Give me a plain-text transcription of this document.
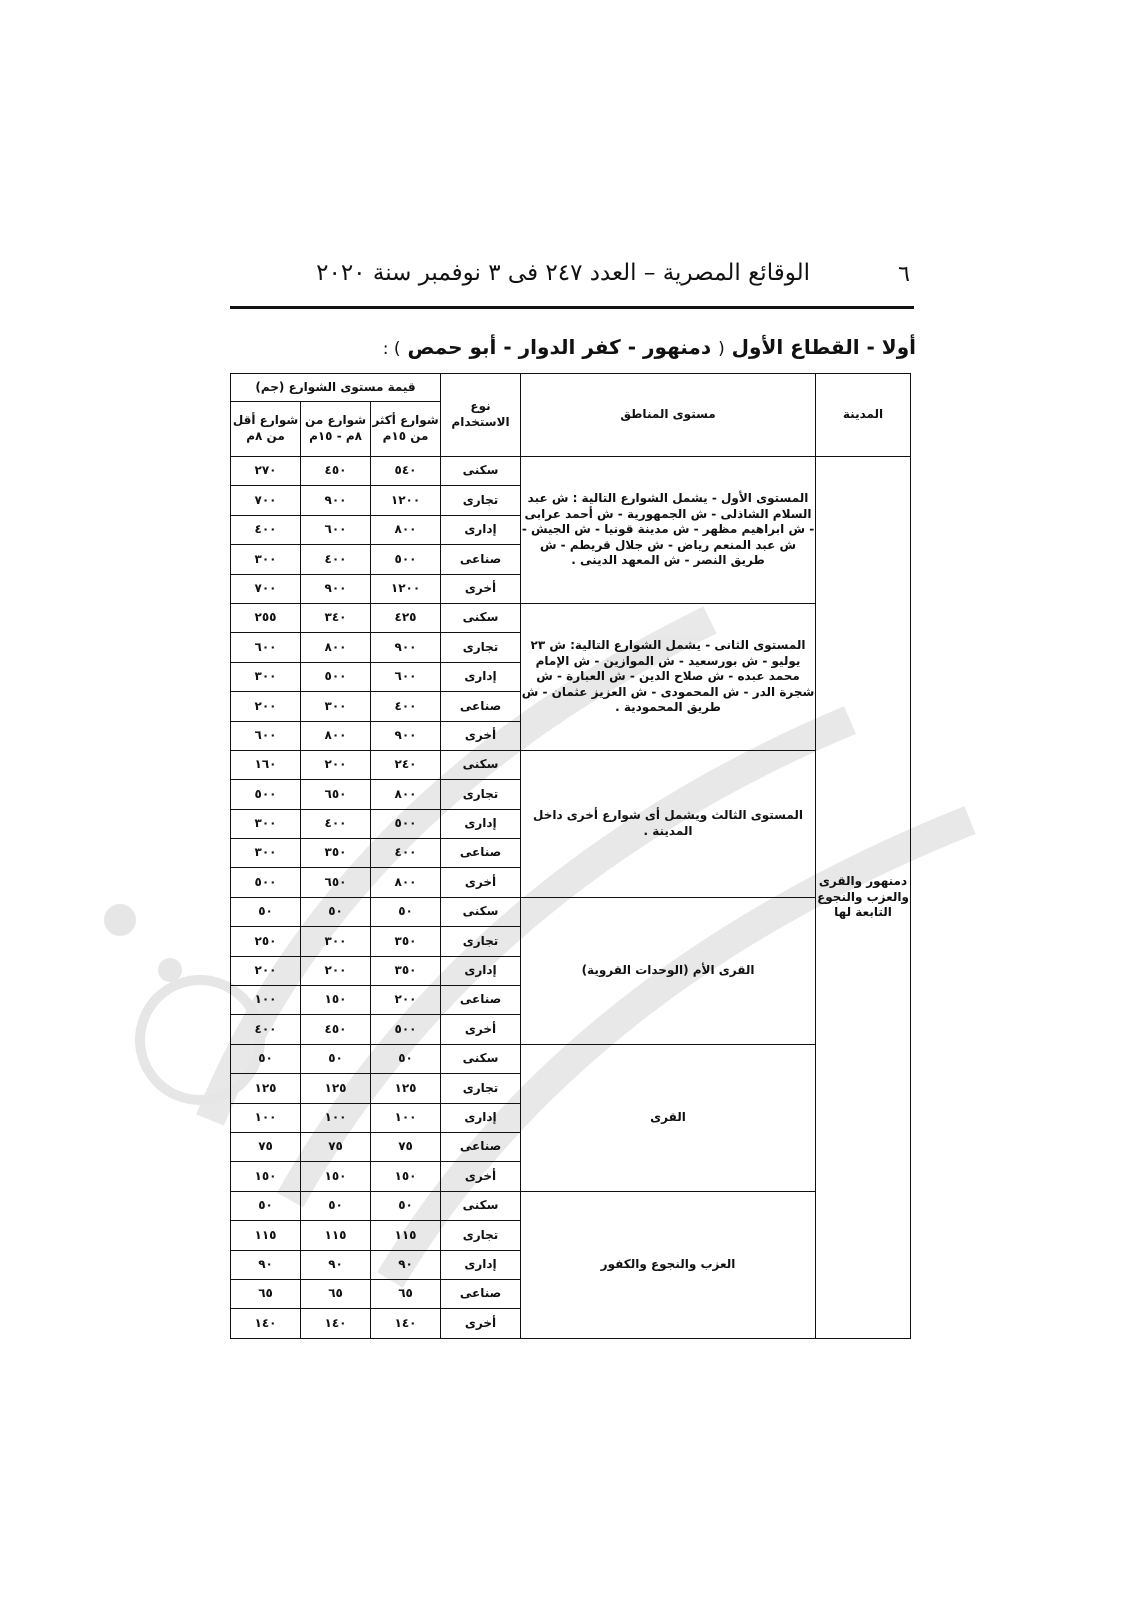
٦
الوقائع المصرية – العدد ٢٤٧ فى ٣ نوفمبر سنة ٢٠٢٠
أولا - القطاع الأول ( دمنهور - كفر الدوار - أبو حمص ) :
المدينة	مستوى المناطق	نوع الاستخدام	قيمة مستوى الشوارع (جم)		
			شوارع أكثر من ١٥م	شوارع من ٨م - ١٥م	شوارع أقل من ٨م
دمنهور والقرى والعزب والنجوع التابعة لها	المستوى الأول - يشمل الشوارع التالية : ش عبد السلام الشاذلى - ش الجمهورية - ش أحمد عرابى - ش ابراهيم مظهر - ش مدينة قونيا - ش الجيش - ش عبد المنعم رياض - ش جلال قريطم - ش طريق النصر - ش المعهد الدينى .	سكنى	٥٤٠	٤٥٠	٢٧٠
		تجارى	١٢٠٠	٩٠٠	٧٠٠
		إدارى	٨٠٠	٦٠٠	٤٠٠
		صناعى	٥٠٠	٤٠٠	٣٠٠
		أخرى	١٢٠٠	٩٠٠	٧٠٠
	المستوى الثانى - يشمل الشوارع التالية: ش ٢٣ يوليو - ش بورسعيد - ش الموازين - ش الإمام محمد عبده - ش صلاح الدين - ش العبارة - ش شجرة الدر - ش المحمودى - ش العزيز عثمان - ش طريق المحمودية .	سكنى	٤٢٥	٣٤٠	٢٥٥
		تجارى	٩٠٠	٨٠٠	٦٠٠
		إدارى	٦٠٠	٥٠٠	٣٠٠
		صناعى	٤٠٠	٣٠٠	٢٠٠
		أخرى	٩٠٠	٨٠٠	٦٠٠
	المستوى الثالث ويشمل أى شوارع أخرى داخل المدينة .	سكنى	٢٤٠	٢٠٠	١٦٠
		تجارى	٨٠٠	٦٥٠	٥٠٠
		إدارى	٥٠٠	٤٠٠	٣٠٠
		صناعى	٤٠٠	٣٥٠	٣٠٠
		أخرى	٨٠٠	٦٥٠	٥٠٠
	القرى الأم (الوحدات القروية)	سكنى	٥٠	٥٠	٥٠
		تجارى	٣٥٠	٣٠٠	٢٥٠
		إدارى	٣٥٠	٢٠٠	٢٠٠
		صناعى	٢٠٠	١٥٠	١٠٠
		أخرى	٥٠٠	٤٥٠	٤٠٠
	القرى	سكنى	٥٠	٥٠	٥٠
		تجارى	١٢٥	١٢٥	١٢٥
		إدارى	١٠٠	١٠٠	١٠٠
		صناعى	٧٥	٧٥	٧٥
		أخرى	١٥٠	١٥٠	١٥٠
	العزب والنجوع والكفور	سكنى	٥٠	٥٠	٥٠
		تجارى	١١٥	١١٥	١١٥
		إدارى	٩٠	٩٠	٩٠
		صناعى	٦٥	٦٥	٦٥
		أخرى	١٤٠	١٤٠	١٤٠
